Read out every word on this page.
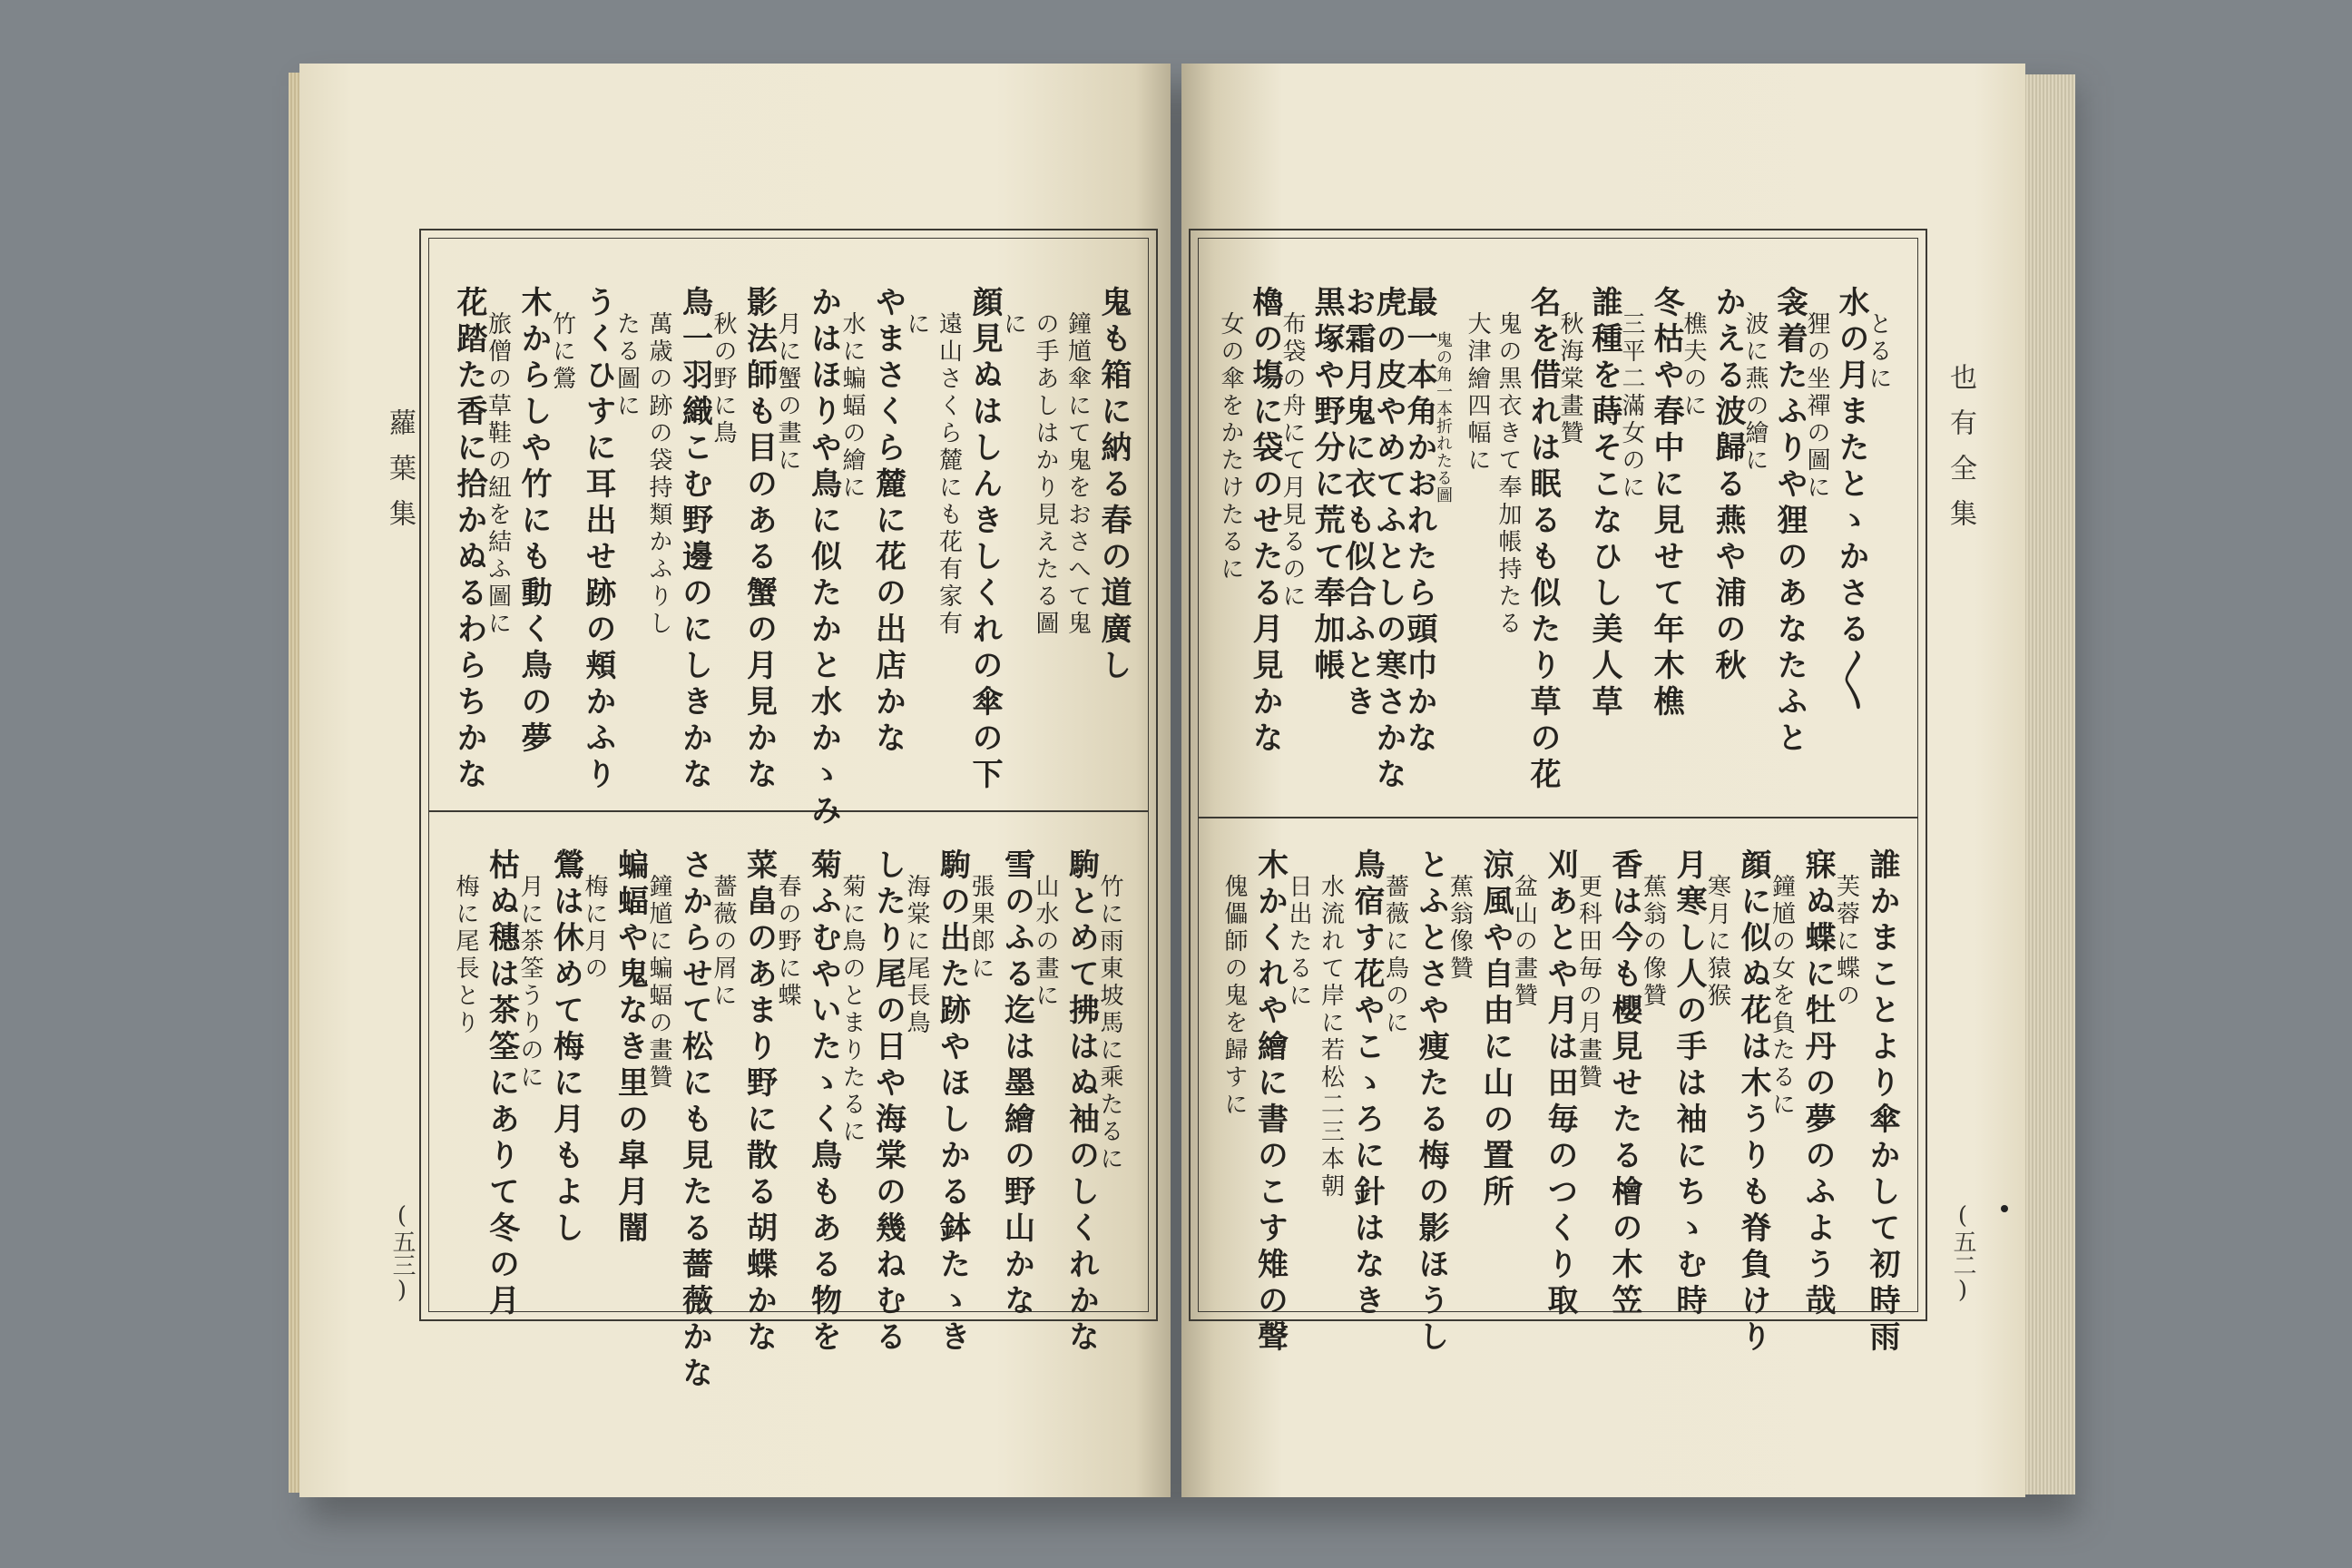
蘿葉集
(五三)
鬼も箱に納る春の道廣し
鐘馗傘にて鬼をおさへて鬼
の手あしはかり見えたる圖
に
顔見ぬはしんきしくれの傘の下
遠山さくら麓にも花有家有
に
やまさくら麓に花の出店かな
水に蝙蝠の繪に
かはほりや鳥に似たかと水かゝみ
月に蟹の畫に
影法師も目のある蟹の月見かな
秋の野に鳥
鳥一羽織こむ野邊のにしきかな
萬歳の跡の袋持類かふりし
たる圖に
うくひすに耳出せ跡の頬かふり
竹に鶯
木からしや竹にも動く鳥の夢
旅僧の草鞋の紐を結ふ圖に
花踏た香に拾かぬるわらちかな
竹に雨東坡馬に乘たるに
駒とめて拂はぬ袖のしくれかな
山水の畫に
雪のふる迄は墨繪の野山かな
張果郎に
駒の出た跡やほしかる鉢たゝき
海棠に尾長鳥
したり尾の日や海棠の幾ねむる
菊に鳥のとまりたるに
菊ふむやいたゝく鳥もある物を
春の野に蝶
菜畠のあまり野に散る胡蝶かな
薔薇の屑に
さからせて松にも見たる薔薇かな
鐘馗に蝙蝠の畫贊
蝙蝠や鬼なき里の皐月闇
梅に月の
鶯は休めて梅に月もよし
月に茶筌うりのに
枯ぬ穗は茶筌にありて冬の月
梅に尾長とり
也有全集
(五二)
とるに
水の月またとゝかさる〱
狸の坐禪の圖に
衾着たふりや狸のあなたふと
波に燕の繪に
かえる波歸る燕や浦の秋
樵夫のに
冬枯や春中に見せて年木樵
三平二滿女のに
誰種を蒔そこなひし美人草
秋海棠畫贊
名を借れは眠るも似たり草の花
鬼の黒衣きて奉加帳持たる
大津繪四幅に
鬼の角一本折れたる圖
最一本角かおれたら頭巾かな
虎の皮やめてふとしの寒さかな
お霜月鬼に衣も似合ふとき
黒塚や野分に荒て奉加帳
布袋の舟にて月見るのに
櫓の塲に袋のせたる月見かな
女の傘をかたけたるに
誰かまことより傘かして初時雨
芙蓉に蝶の
寐ぬ蝶に牡丹の夢のふよう哉
鐘馗の女を負たるに
顔に似ぬ花は木うりも脊負けり
寒月に猿猴
月寒し人の手は袖にちゝむ時
蕉翁の像贊
香は今も櫻見せたる檜の木笠
更科田毎の月畫贊
刈あとや月は田毎のつくり取
盆山の畫贊
涼風や自由に山の置所
蕉翁像贊
とふとさや痩たる梅の影ほうし
薔薇に鳥のに
鳥宿す花やこゝろに針はなき
水流れて岸に若松二三本朝
日出たるに
木かくれや繪に書のこす雉の聲
傀儡師の鬼を歸すに
